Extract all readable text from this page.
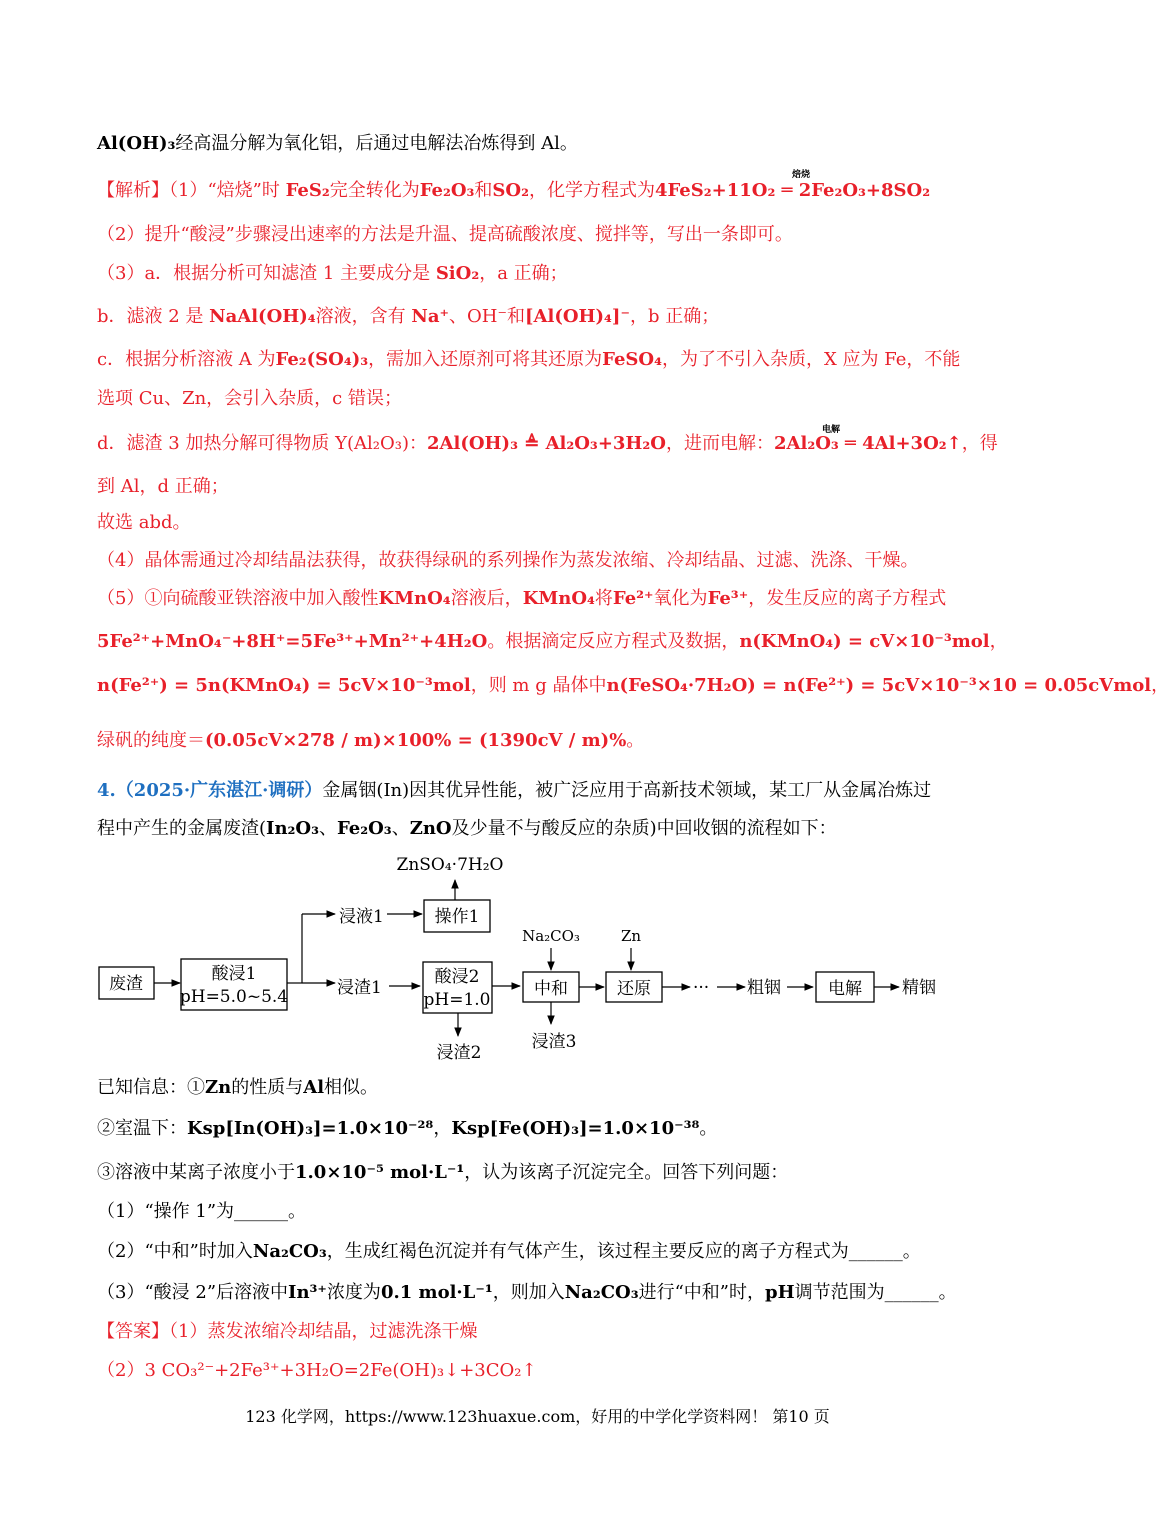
Al(OH)₃经高温分解为氧化铝，后通过电解法冶炼得到 Al。
【解析】（1）“焙烧”时 FeS₂完全转化为Fe₂O₃和SO₂，化学方程式为4FeS₂+11O₂ ═ 2Fe₂O₃+8SO₂
焙烧
（2）提升“酸浸”步骤浸出速率的方法是升温、提高硫酸浓度、搅拌等，写出一条即可。
（3）a．根据分析可知滤渣 1 主要成分是 SiO₂，a 正确；
b．滤液 2 是 NaAl(OH)₄溶液，含有 Na⁺、OH⁻和[Al(OH)₄]⁻，b 正确；
c．根据分析溶液 A 为Fe₂(SO₄)₃，需加入还原剂可将其还原为FeSO₄，为了不引入杂质，X 应为 Fe，不能
选项 Cu、Zn，会引入杂质，c 错误；
d．滤渣 3 加热分解可得物质 Y(Al₂O₃)：2Al(OH)₃ ≜ Al₂O₃+3H₂O，进而电解：2Al₂O₃ ═ 4Al+3O₂↑，得
电解
到 Al，d 正确；
故选 abd。
（4）晶体需通过冷却结晶法获得，故获得绿矾的系列操作为蒸发浓缩、冷却结晶、过滤、洗涤、干燥。
（5）①向硫酸亚铁溶液中加入酸性KMnO₄溶液后，KMnO₄将Fe²⁺氧化为Fe³⁺，发生反应的离子方程式
5Fe²⁺+MnO₄⁻+8H⁺=5Fe³⁺+Mn²⁺+4H₂O。根据滴定反应方程式及数据，n(KMnO₄) = cV×10⁻³mol，
n(Fe²⁺) = 5n(KMnO₄) = 5cV×10⁻³mol，则 m g 晶体中n(FeSO₄·7H₂O) = n(Fe²⁺) = 5cV×10⁻³×10 = 0.05cVmol，
绿矾的纯度＝(0.05cV×278 / m)×100% = (1390cV / m)%。
4.（2025·广东湛江·调研）金属铟(In)因其优异性能，被广泛应用于高新技术领域，某工厂从金属冶炼过
程中产生的金属废渣(In₂O₃、Fe₂O₃、ZnO及少量不与酸反应的杂质)中回收铟的流程如下：
废渣	酸浸1
pH=5.0~5.4
浸液1	操作1
ZnSO₄·7H₂O
浸渣1
酸浸2
pH=1.0
浸渣2
Na₂CO₃
中和
浸渣3
Zn
还原 ··· 粗铟	电解 精铟
已知信息：①Zn的性质与Al相似。
②室温下：Ksp[In(OH)₃]=1.0×10⁻²⁸，Ksp[Fe(OH)₃]=1.0×10⁻³⁸。
③溶液中某离子浓度小于1.0×10⁻⁵ mol·L⁻¹，认为该离子沉淀完全。回答下列问题：
（1）“操作 1”为______。
（2）“中和”时加入Na₂CO₃，生成红褐色沉淀并有气体产生，该过程主要反应的离子方程式为______。
（3）“酸浸 2”后溶液中In³⁺浓度为0.1 mol·L⁻¹，则加入Na₂CO₃进行“中和”时，pH调节范围为______。
【答案】（1）蒸发浓缩冷却结晶，过滤洗涤干燥
（2）3 CO₃²⁻+2Fe³⁺+3H₂O=2Fe(OH)₃↓+3CO₂↑
123 化学网，https://www.123huaxue.com，好用的中学化学资料网！ 第10 页
